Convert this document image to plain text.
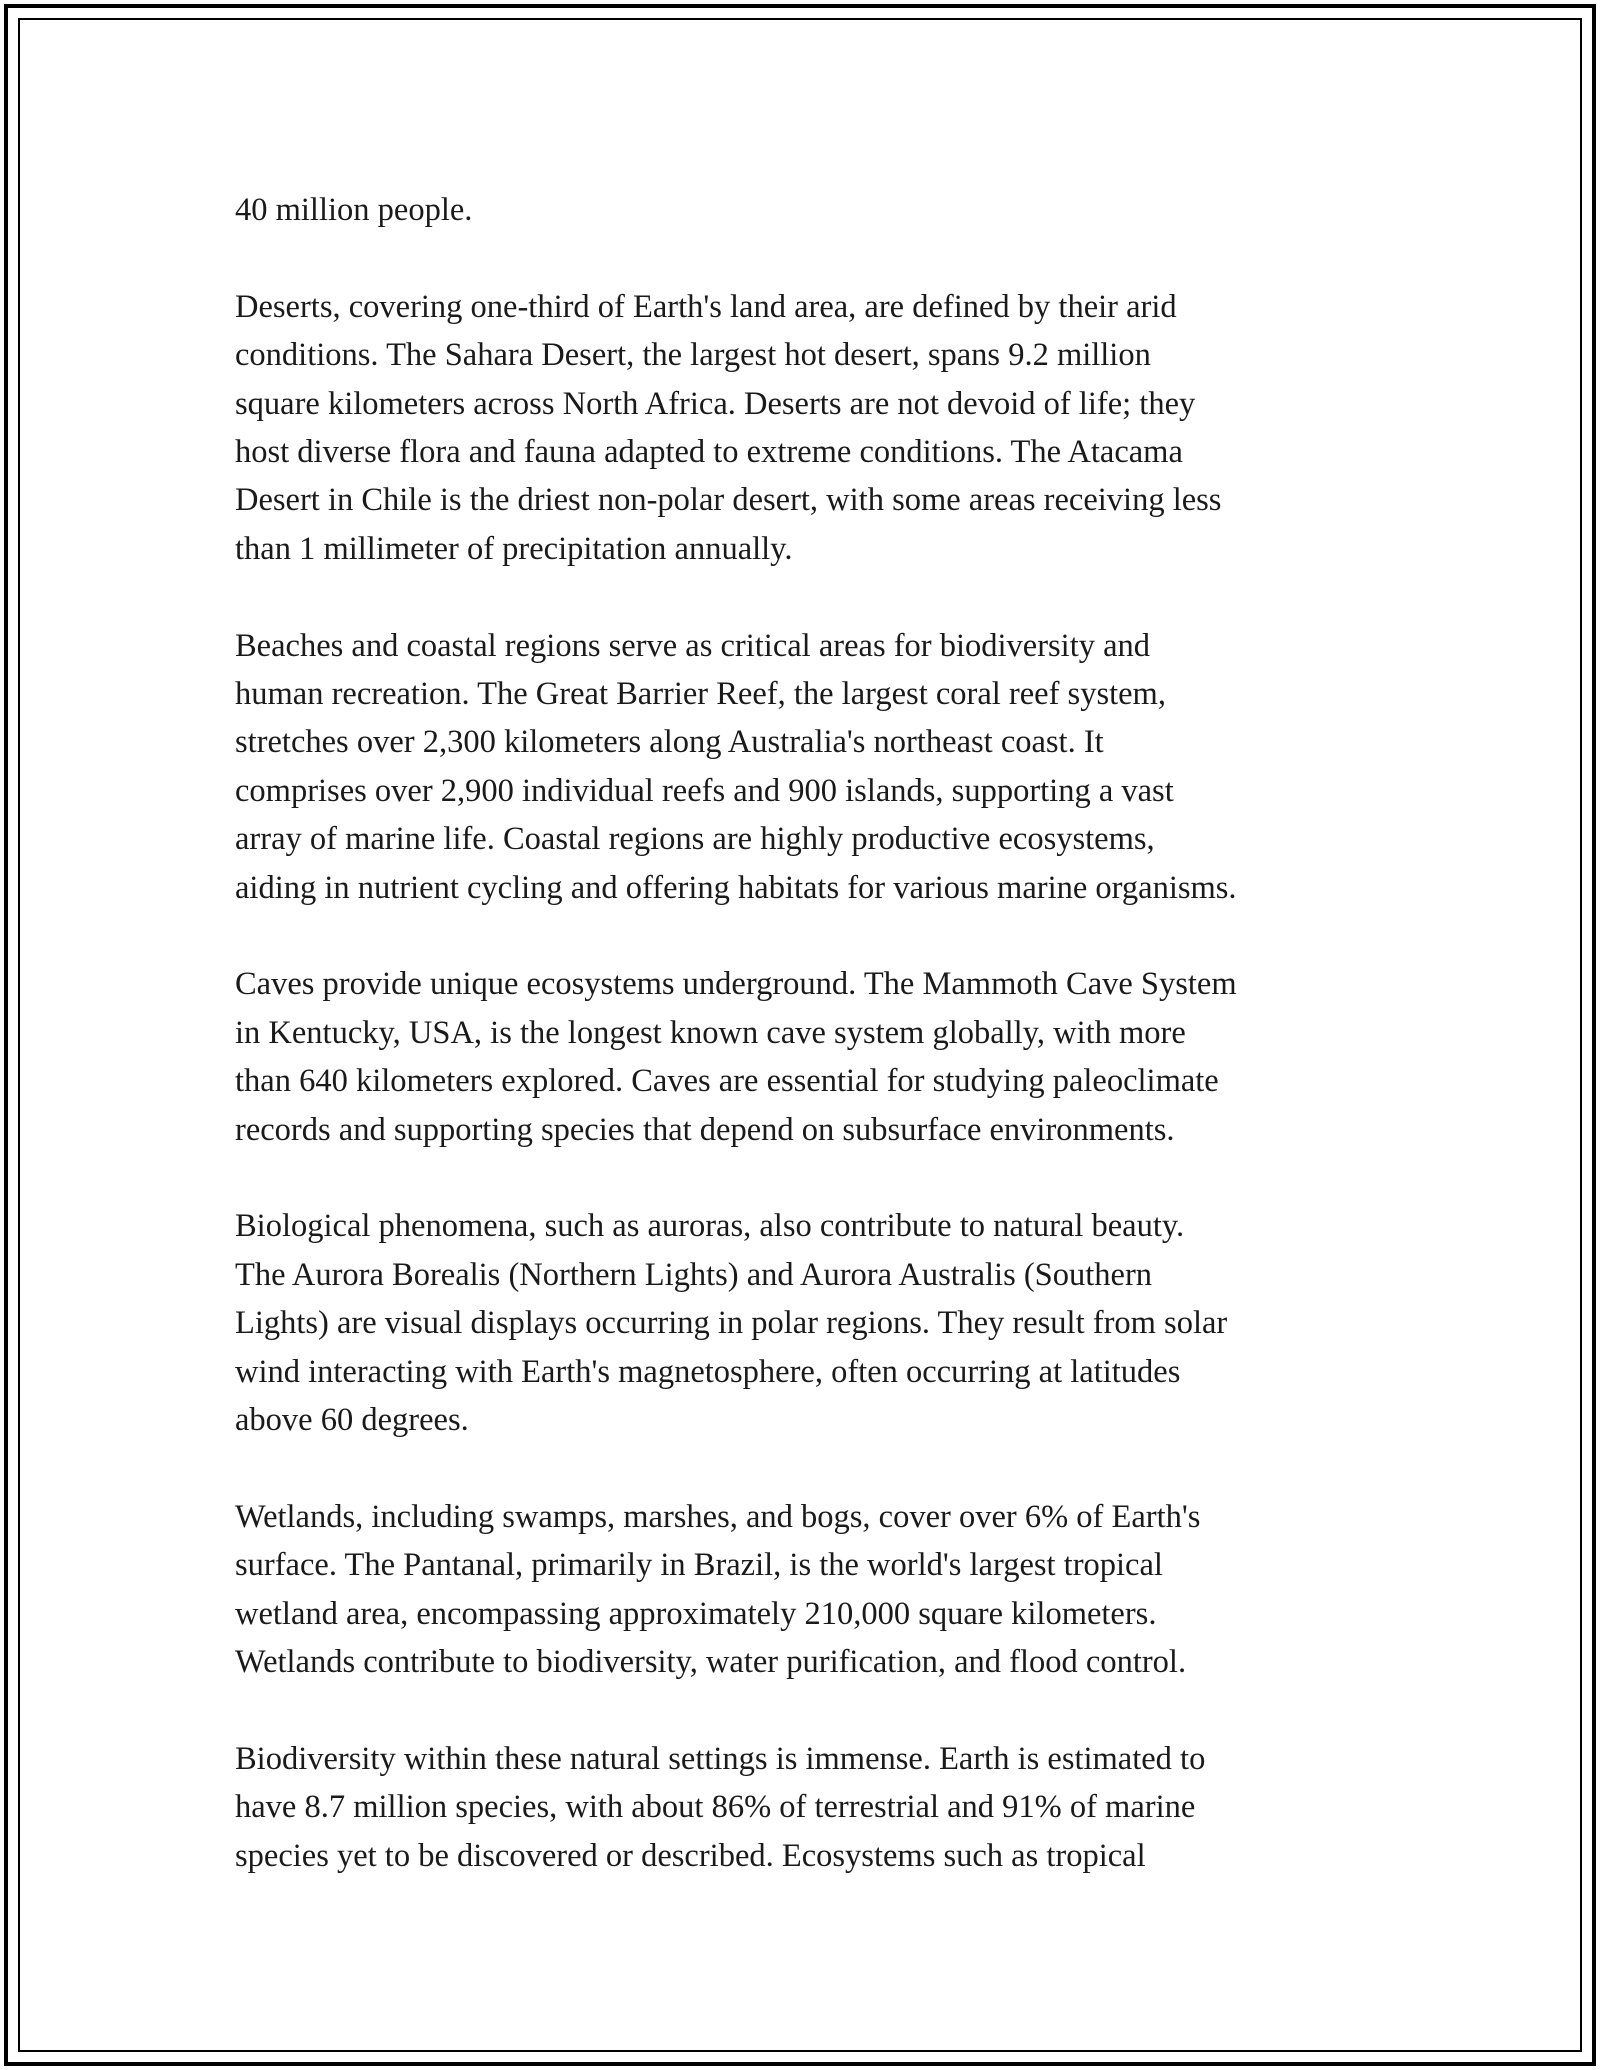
40 million people.

Deserts, covering one-third of Earth's land area, are defined by their arid
conditions. The Sahara Desert, the largest hot desert, spans 9.2 million
square kilometers across North Africa. Deserts are not devoid of life; they
host diverse flora and fauna adapted to extreme conditions. The Atacama
Desert in Chile is the driest non-polar desert, with some areas receiving less
than 1 millimeter of precipitation annually.

Beaches and coastal regions serve as critical areas for biodiversity and
human recreation. The Great Barrier Reef, the largest coral reef system,
stretches over 2,300 kilometers along Australia's northeast coast. It
comprises over 2,900 individual reefs and 900 islands, supporting a vast
array of marine life. Coastal regions are highly productive ecosystems,
aiding in nutrient cycling and offering habitats for various marine organisms.

Caves provide unique ecosystems underground. The Mammoth Cave System
in Kentucky, USA, is the longest known cave system globally, with more
than 640 kilometers explored. Caves are essential for studying paleoclimate
records and supporting species that depend on subsurface environments.

Biological phenomena, such as auroras, also contribute to natural beauty.
The Aurora Borealis (Northern Lights) and Aurora Australis (Southern
Lights) are visual displays occurring in polar regions. They result from solar
wind interacting with Earth's magnetosphere, often occurring at latitudes
above 60 degrees.

Wetlands, including swamps, marshes, and bogs, cover over 6% of Earth's
surface. The Pantanal, primarily in Brazil, is the world's largest tropical
wetland area, encompassing approximately 210,000 square kilometers.
Wetlands contribute to biodiversity, water purification, and flood control.

Biodiversity within these natural settings is immense. Earth is estimated to
have 8.7 million species, with about 86% of terrestrial and 91% of marine
species yet to be discovered or described. Ecosystems such as tropical
